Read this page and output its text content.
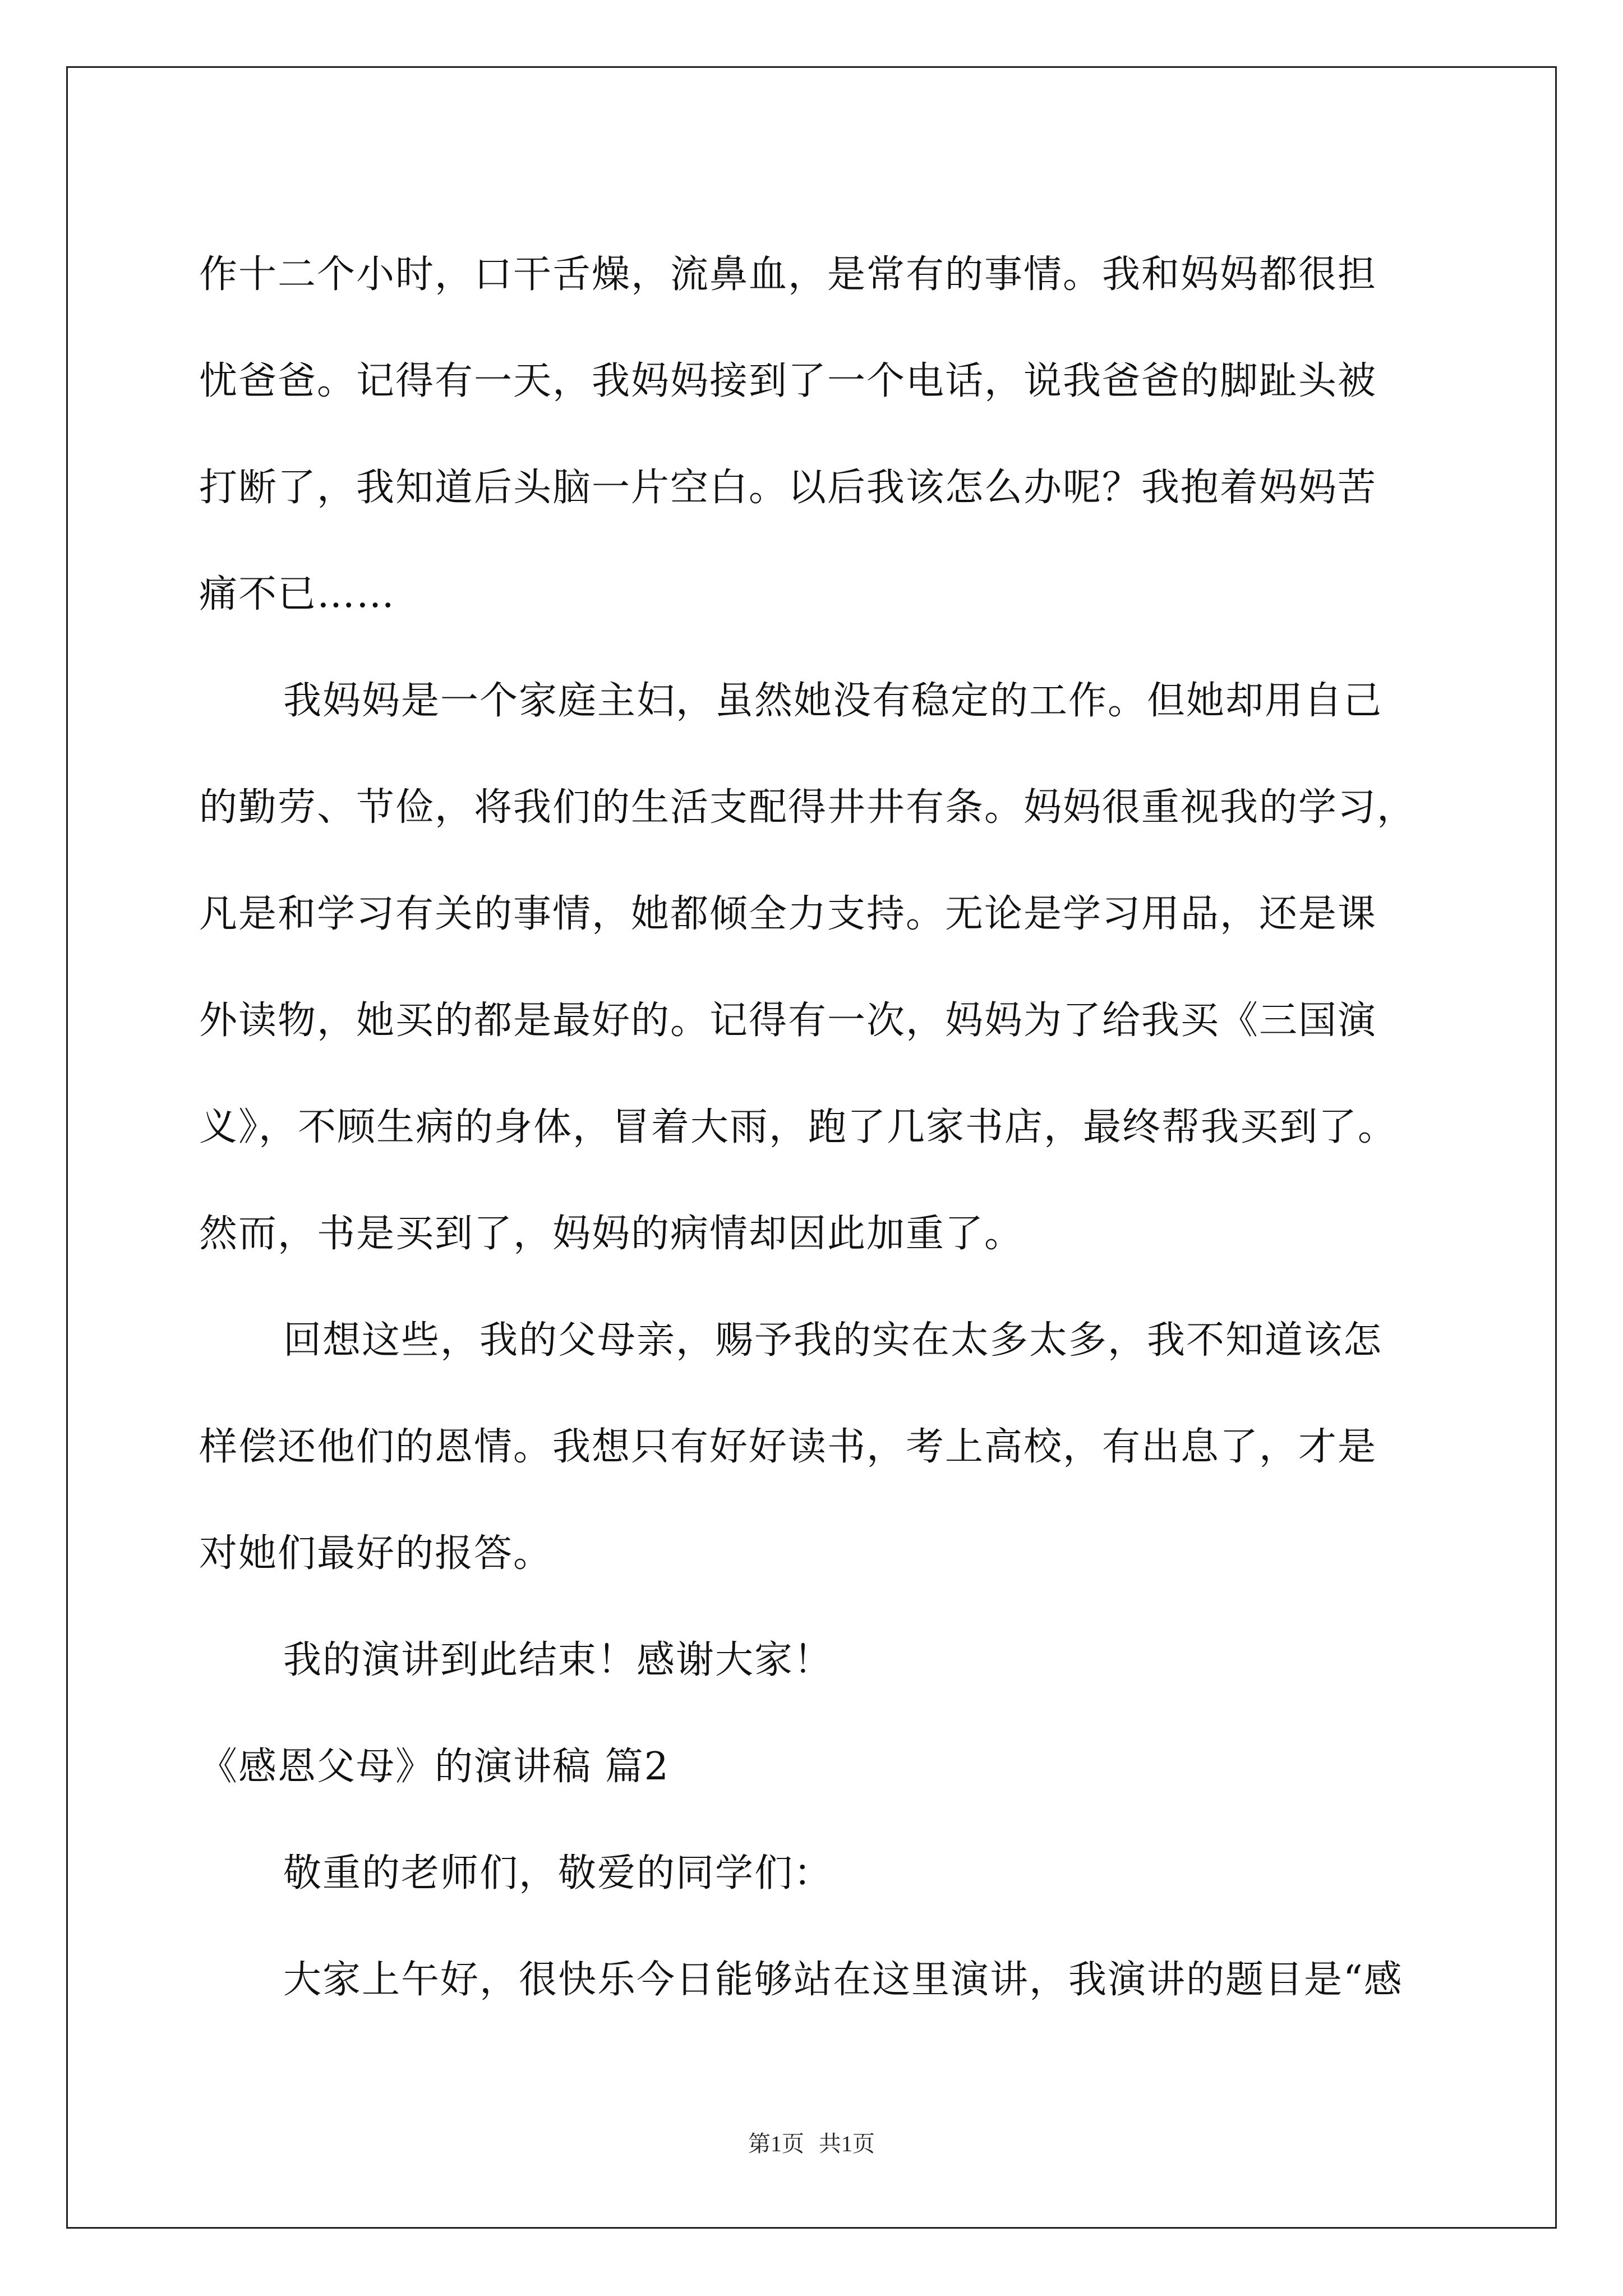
作十二个小时，口干舌燥，流鼻血，是常有的事情。我和妈妈都很担
忧爸爸。记得有一天，我妈妈接到了一个电话，说我爸爸的脚趾头被
打断了，我知道后头脑一片空白。以后我该怎么办呢？我抱着妈妈苦
痛不已……
我妈妈是一个家庭主妇，虽然她没有稳定的工作。但她却用自己
的勤劳、节俭，将我们的生活支配得井井有条。妈妈很重视我的学习，
凡是和学习有关的事情，她都倾全力支持。无论是学习用品，还是课
外读物，她买的都是最好的。记得有一次，妈妈为了给我买《三国演
义》，不顾生病的身体，冒着大雨，跑了几家书店，最终帮我买到了。
然而，书是买到了，妈妈的病情却因此加重了。
回想这些，我的父母亲，赐予我的实在太多太多，我不知道该怎
样偿还他们的恩情。我想只有好好读书，考上高校，有出息了，才是
对她们最好的报答。
我的演讲到此结束！感谢大家！
《感恩父母》的演讲稿 篇2
敬重的老师们，敬爱的同学们：
大家上午好，很快乐今日能够站在这里演讲，我演讲的题目是“感
第1页 共1页
